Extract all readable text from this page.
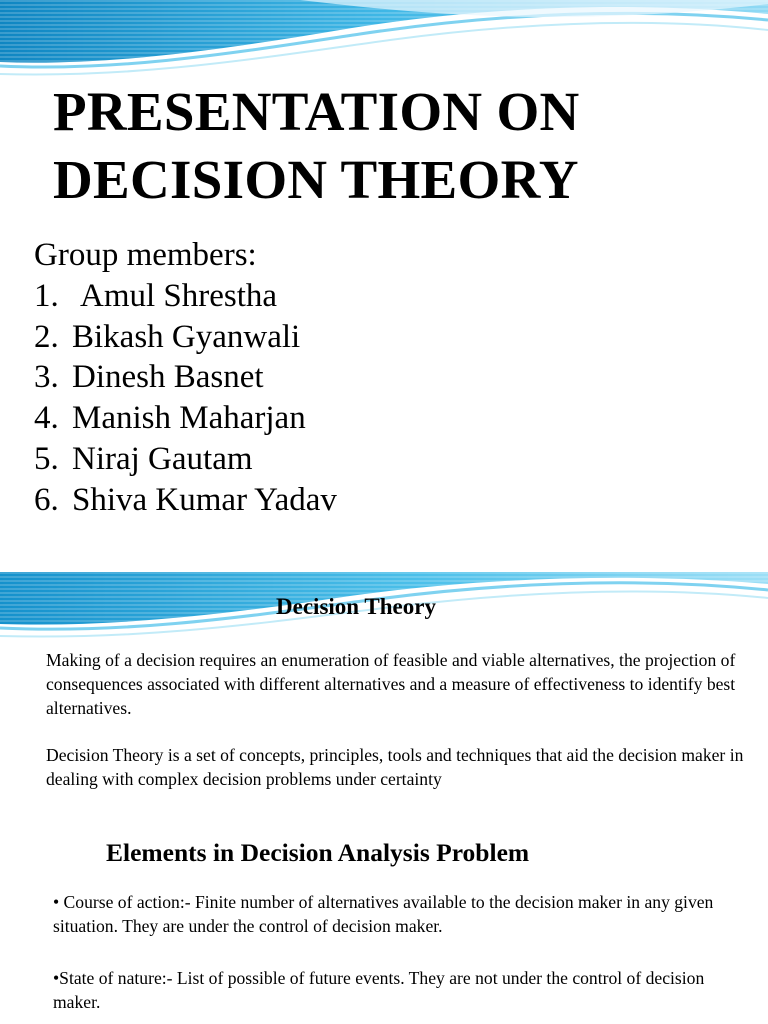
PRESENTATION ON
DECISION THEORY
Group members:
1. Amul Shrestha
2. Bikash Gyanwali
3. Dinesh Basnet
4. Manish Maharjan
5. Niraj Gautam
6. Shiva Kumar Yadav
Decision Theory
Making of a decision requires an enumeration of feasible and viable alternatives, the projection of consequences associated with different alternatives and a measure of effectiveness to identify best alternatives.
Decision Theory is a set of concepts, principles, tools and techniques that aid the decision maker in dealing with complex decision problems under certainty
Elements in Decision Analysis Problem
• Course of action:- Finite number of alternatives available to the decision maker in any given situation. They are under the control of decision maker.
•State of nature:- List of possible of future events. They are not under the control of decision maker.
